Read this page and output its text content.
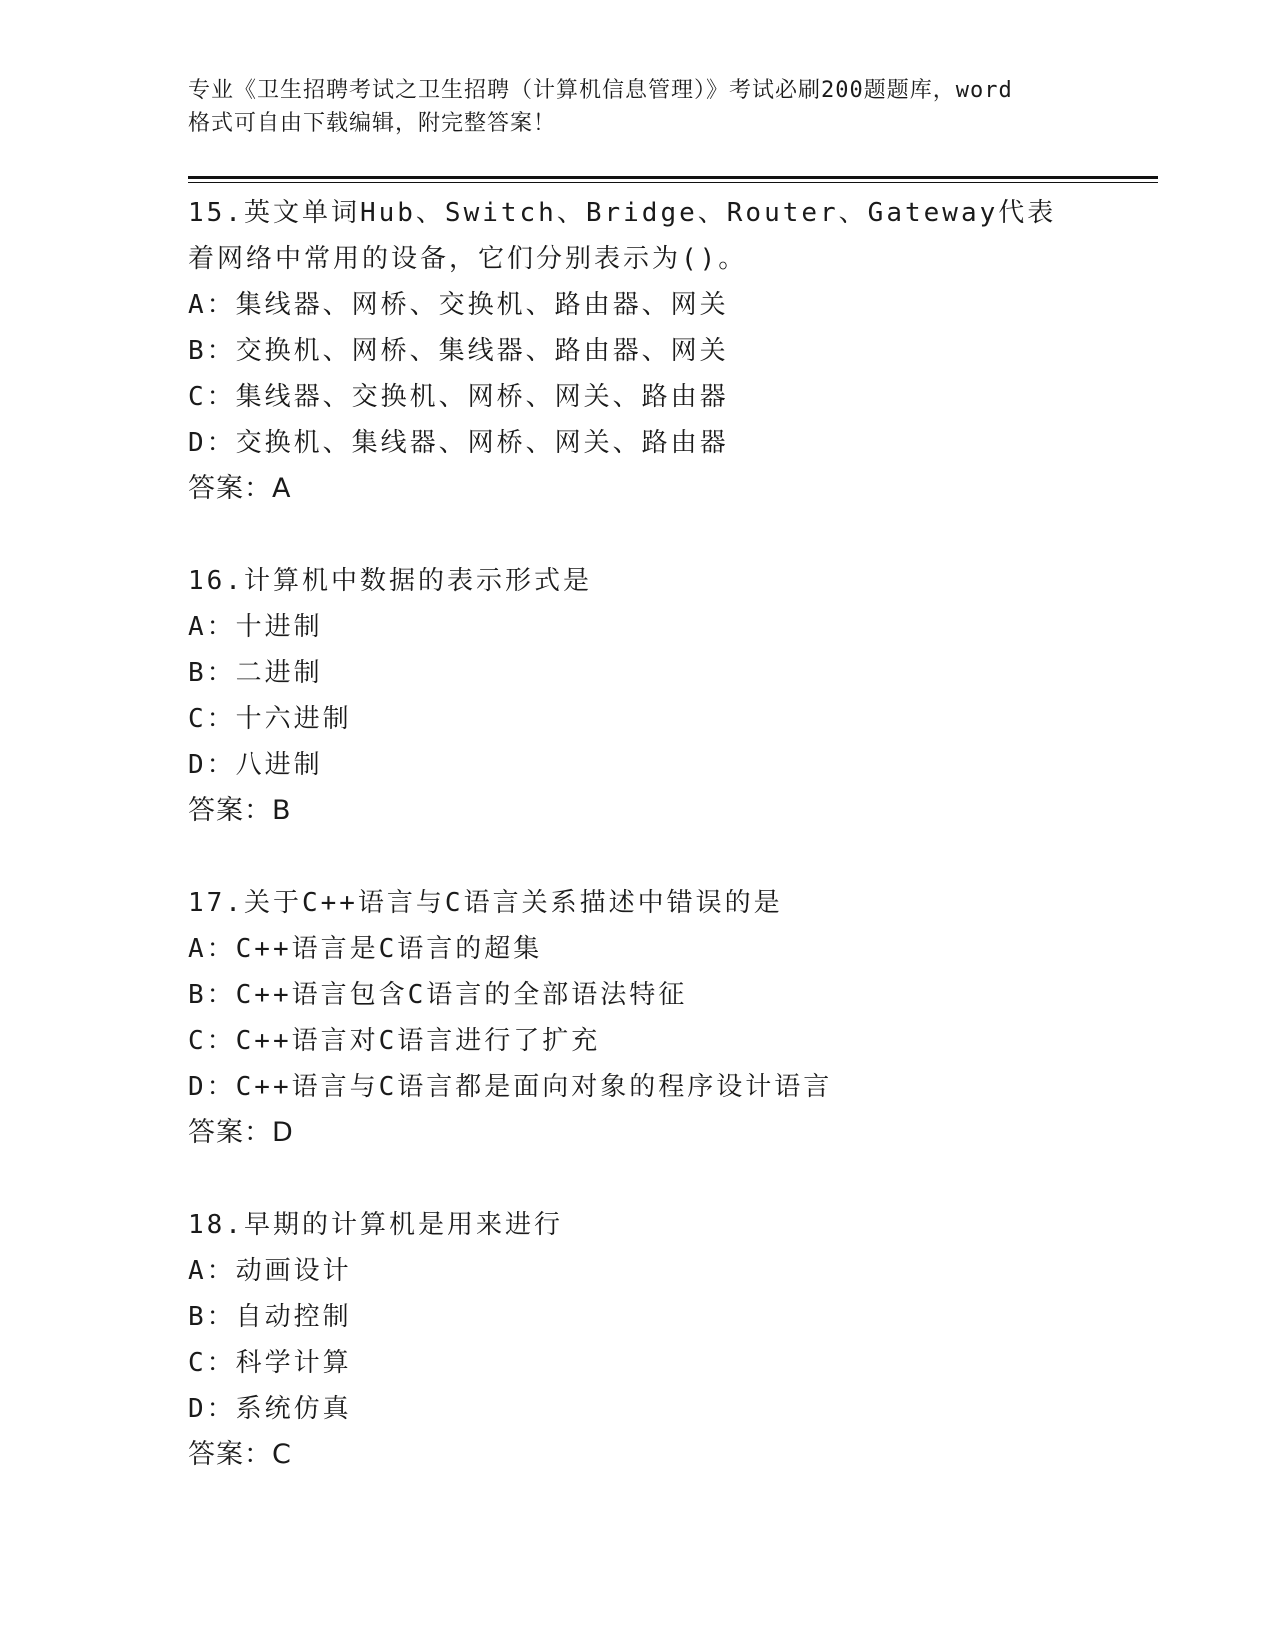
专业《卫生招聘考试之卫生招聘（计算机信息管理）》考试必刷200题题库，word
格式可自由下载编辑，附完整答案！
15.英文单词Hub、Switch、Bridge、Router、Gateway代表着网络中常用的设备，它们分别表示为()。
A：集线器、网桥、交换机、路由器、网关
B：交换机、网桥、集线器、路由器、网关
C：集线器、交换机、网桥、网关、路由器
D：交换机、集线器、网桥、网关、路由器
答案：A
16.计算机中数据的表示形式是
A：十进制
B：二进制
C：十六进制
D：八进制
答案：B
17.关于C++语言与C语言关系描述中错误的是
A：C++语言是C语言的超集
B：C++语言包含C语言的全部语法特征
C：C++语言对C语言进行了扩充
D：C++语言与C语言都是面向对象的程序设计语言
答案：D
18.早期的计算机是用来进行
A：动画设计
B：自动控制
C：科学计算
D：系统仿真
答案：C
